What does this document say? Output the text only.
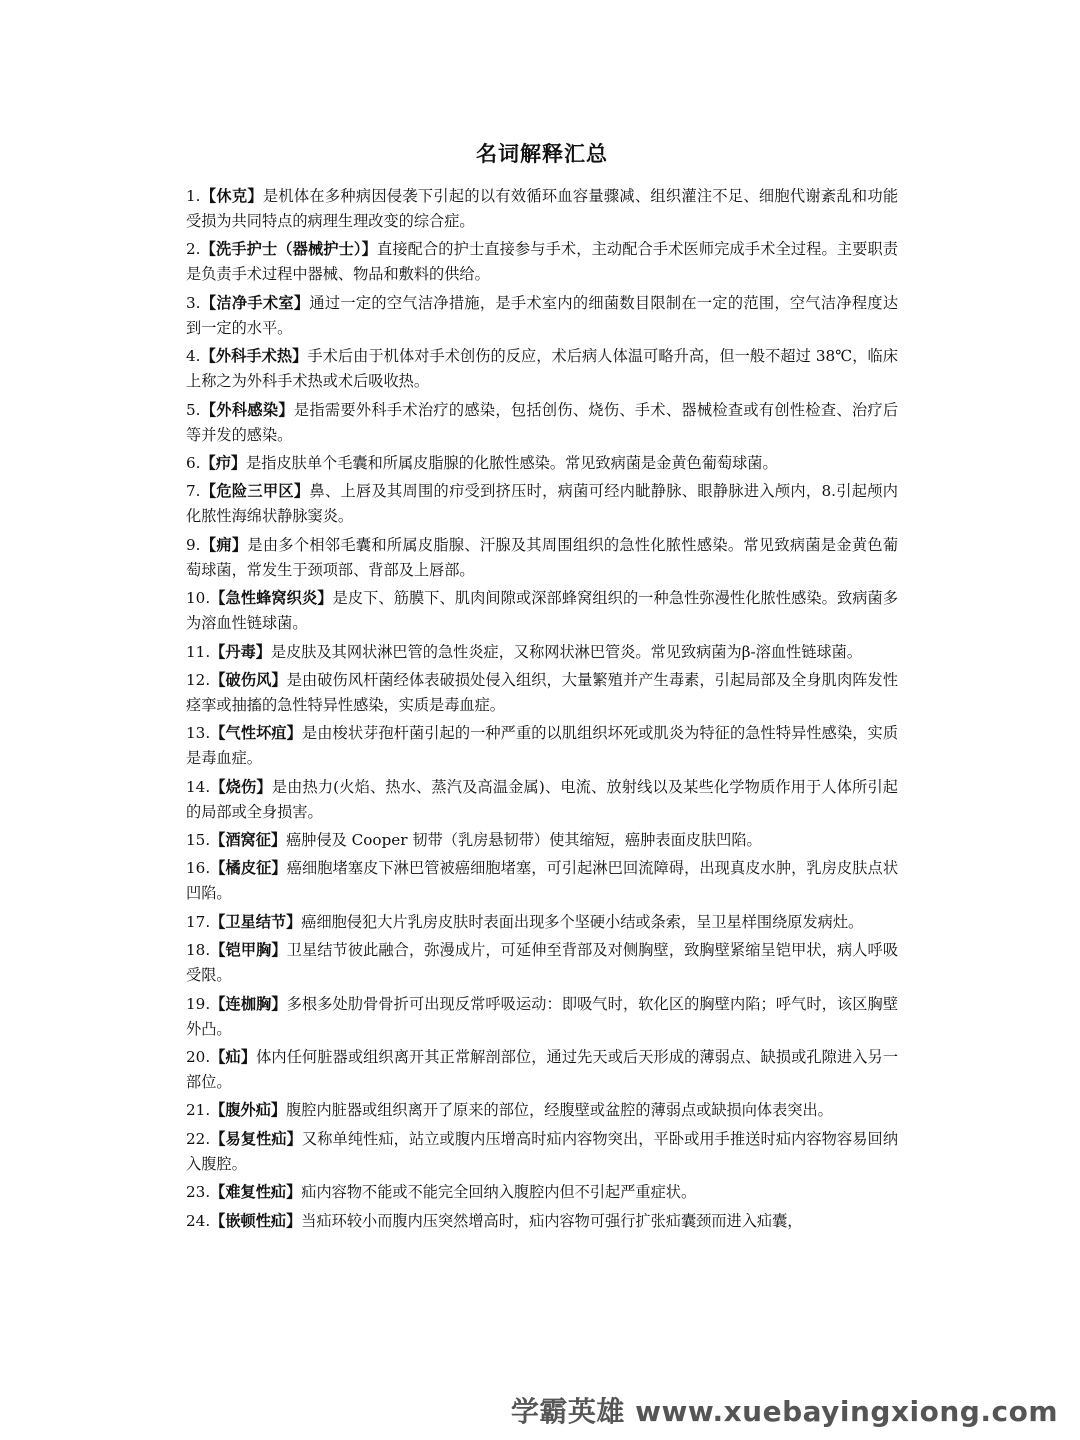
名词解释汇总

1.【休克】是机体在多种病因侵袭下引起的以有效循环血容量骤减、组织灌注不足、细胞代谢紊乱和功能受损为共同特点的病理生理改变的综合症。

2.【洗手护士（器械护士）】直接配合的护士直接参与手术，主动配合手术医师完成手术全过程。主要职责是负责手术过程中器械、物品和敷料的供给。

3.【洁净手术室】通过一定的空气洁净措施，是手术室内的细菌数目限制在一定的范围，空气洁净程度达到一定的水平。

4.【外科手术热】手术后由于机体对手术创伤的反应，术后病人体温可略升高，但一般不超过 38℃，临床上称之为外科手术热或术后吸收热。

5.【外科感染】是指需要外科手术治疗的感染，包括创伤、烧伤、手术、器械检查或有创性检查、治疗后等并发的感染。

6.【疖】是指皮肤单个毛囊和所属皮脂腺的化脓性感染。常见致病菌是金黄色葡萄球菌。

7.【危险三甲区】鼻、上唇及其周围的疖受到挤压时，病菌可经内眦静脉、眼静脉进入颅内，8.引起颅内化脓性海绵状静脉窦炎。

9.【痈】是由多个相邻毛囊和所属皮脂腺、汗腺及其周围组织的急性化脓性感染。常见致病菌是金黄色葡萄球菌，常发生于颈项部、背部及上唇部。

10.【急性蜂窝织炎】是皮下、筋膜下、肌肉间隙或深部蜂窝组织的一种急性弥漫性化脓性感染。致病菌多为溶血性链球菌。

11.【丹毒】是皮肤及其网状淋巴管的急性炎症，又称网状淋巴管炎。常见致病菌为β-溶血性链球菌。

12.【破伤风】是由破伤风杆菌经体表破损处侵入组织，大量繁殖并产生毒素，引起局部及全身肌肉阵发性痉挛或抽搐的急性特异性感染，实质是毒血症。

13.【气性坏疽】是由梭状芽孢杆菌引起的一种严重的以肌组织坏死或肌炎为特征的急性特异性感染，实质是毒血症。

14.【烧伤】是由热力(火焰、热水、蒸汽及高温金属)、电流、放射线以及某些化学物质作用于人体所引起的局部或全身损害。

15.【酒窝征】癌肿侵及 Cooper 韧带（乳房悬韧带）使其缩短，癌肿表面皮肤凹陷。

16.【橘皮征】癌细胞堵塞皮下淋巴管被癌细胞堵塞，可引起淋巴回流障碍，出现真皮水肿，乳房皮肤点状凹陷。

17.【卫星结节】癌细胞侵犯大片乳房皮肤时表面出现多个坚硬小结或条索，呈卫星样围绕原发病灶。

18.【铠甲胸】卫星结节彼此融合，弥漫成片，可延伸至背部及对侧胸壁，致胸壁紧缩呈铠甲状，病人呼吸受限。

19.【连枷胸】多根多处肋骨骨折可出现反常呼吸运动：即吸气时，软化区的胸壁内陷；呼气时，该区胸壁外凸。

20.【疝】体内任何脏器或组织离开其正常解剖部位，通过先天或后天形成的薄弱点、缺损或孔隙进入另一部位。

21.【腹外疝】腹腔内脏器或组织离开了原来的部位，经腹壁或盆腔的薄弱点或缺损向体表突出。

22.【易复性疝】又称单纯性疝，站立或腹内压增高时疝内容物突出，平卧或用手推送时疝内容物容易回纳入腹腔。

23.【难复性疝】疝内容物不能或不能完全回纳入腹腔内但不引起严重症状。

24.【嵌顿性疝】当疝环较小而腹内压突然增高时，疝内容物可强行扩张疝囊颈而进入疝囊，

学霸英雄 www.xuebayingxiong.com
